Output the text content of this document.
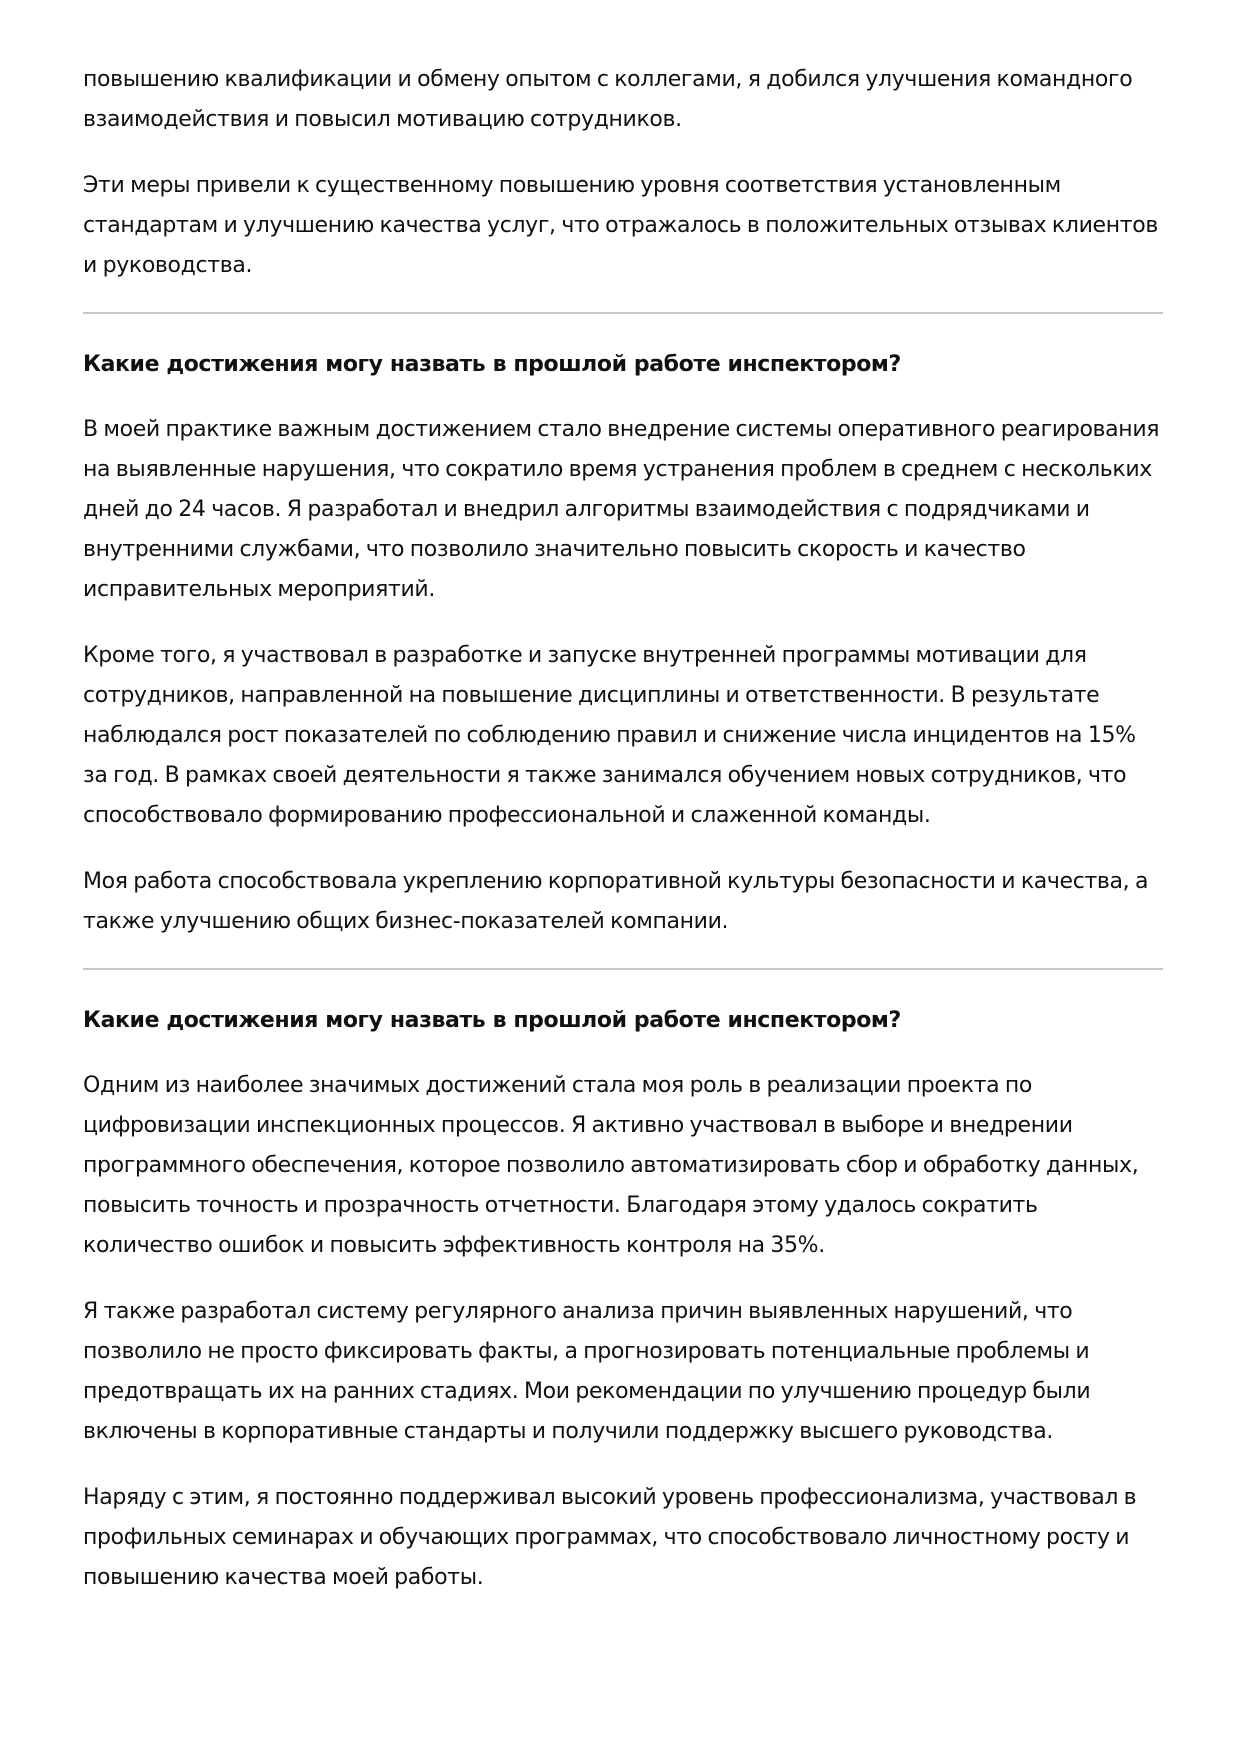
повышению квалификации и обмену опытом с коллегами, я добился улучшения командного взаимодействия и повысил мотивацию сотрудников.

Эти меры привели к существенному повышению уровня соответствия установленным стандартам и улучшению качества услуг, что отражалось в положительных отзывах клиентов и руководства.

Какие достижения могу назвать в прошлой работе инспектором?

В моей практике важным достижением стало внедрение системы оперативного реагирования на выявленные нарушения, что сократило время устранения проблем в среднем с нескольких дней до 24 часов. Я разработал и внедрил алгоритмы взаимодействия с подрядчиками и внутренними службами, что позволило значительно повысить скорость и качество исправительных мероприятий.

Кроме того, я участвовал в разработке и запуске внутренней программы мотивации для сотрудников, направленной на повышение дисциплины и ответственности. В результате наблюдался рост показателей по соблюдению правил и снижение числа инцидентов на 15% за год. В рамках своей деятельности я также занимался обучением новых сотрудников, что способствовало формированию профессиональной и слаженной команды.

Моя работа способствовала укреплению корпоративной культуры безопасности и качества, а также улучшению общих бизнес-показателей компании.

Какие достижения могу назвать в прошлой работе инспектором?

Одним из наиболее значимых достижений стала моя роль в реализации проекта по цифровизации инспекционных процессов. Я активно участвовал в выборе и внедрении программного обеспечения, которое позволило автоматизировать сбор и обработку данных, повысить точность и прозрачность отчетности. Благодаря этому удалось сократить количество ошибок и повысить эффективность контроля на 35%.

Я также разработал систему регулярного анализа причин выявленных нарушений, что позволило не просто фиксировать факты, а прогнозировать потенциальные проблемы и предотвращать их на ранних стадиях. Мои рекомендации по улучшению процедур были включены в корпоративные стандарты и получили поддержку высшего руководства.

Наряду с этим, я постоянно поддерживал высокий уровень профессионализма, участвовал в профильных семинарах и обучающих программах, что способствовало личностному росту и повышению качества моей работы.
